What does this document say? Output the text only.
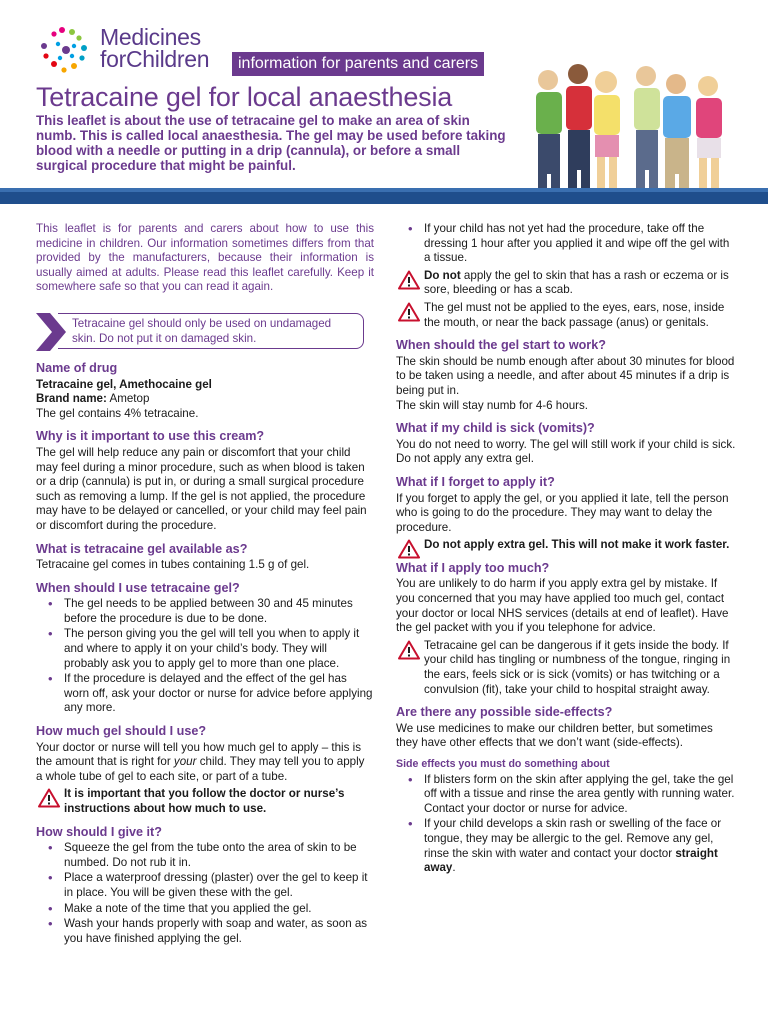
Medicines
forChildren	information for parents and carers
Tetracaine gel for local anaesthesia

This leaflet is about the use of tetracaine gel to make an area of skin numb. This is called local anaesthesia. The gel may be used before taking blood with a needle or putting in a drip (cannula), or before a small surgical procedure that might be painful.

This leaflet is for parents and carers about how to use this medicine in children. Our information sometimes differs from that provided by the manufacturers, because their information is usually aimed at adults. Please read this leaflet carefully. Keep it somewhere safe so that you can read it again.

Tetracaine gel should only be used on undamaged skin. Do not put it on damaged skin.
Name of drug

Tetracaine gel, Amethocaine gel

Brand name: Ametop

The gel contains 4% tetracaine.

Why is it important to use this cream?

The gel will help reduce any pain or discomfort that your child may feel during a minor procedure, such as when blood is taken or a drip (cannula) is put in, or during a small surgical procedure such as removing a lump. If the gel is not applied, the procedure may have to be delayed or cancelled, or your child may feel pain or discomfort during the procedure.

What is tetracaine gel available as?

Tetracaine gel comes in tubes containing 1.5 g of gel.

When should I use tetracaine gel?
• The gel needs to be applied between 30 and 45 minutes before the procedure is due to be done.
• The person giving you the gel will tell you when to apply it and where to apply it on your child’s body. They will probably ask you to apply gel to more than one place.
• If the procedure is delayed and the effect of the gel has worn off, ask your doctor or nurse for advice before applying any more.
How much gel should I use?

Your doctor or nurse will tell you how much gel to apply – this is the amount that is right for your child. They may tell you to apply a whole tube of gel to each site, or part of a tube.

It is important that you follow the doctor or nurse’s instructions about how much to use.
How should I give it?
• Squeeze the gel from the tube onto the area of skin to be numbed. Do not rub it in.
• Place a waterproof dressing (plaster) over the gel to keep it in place. You will be given these with the gel.
• Make a note of the time that you applied the gel.
• Wash your hands properly with soap and water, as soon as you have finished applying the gel.
• If your child has not yet had the procedure, take off the dressing 1 hour after you applied it and wipe off the gel with a tissue.
Do not apply the gel to skin that has a rash or eczema or is sore, bleeding or has a scab.
The gel must not be applied to the eyes, ears, nose, inside the mouth, or near the back passage (anus) or genitals.
When should the gel start to work?

The skin should be numb enough after about 30 minutes for blood to be taken using a needle, and after about 45 minutes if a drip is being put in.

The skin will stay numb for 4-6 hours.

What if my child is sick (vomits)?

You do not need to worry. The gel will still work if your child is sick. Do not apply any extra gel.

What if I forget to apply it?

If you forget to apply the gel, or you applied it late, tell the person who is going to do the procedure. They may want to delay the procedure.

Do not apply extra gel. This will not make it work faster.
What if I apply too much?

You are unlikely to do harm if you apply extra gel by mistake. If you concerned that you may have applied too much gel, contact your doctor or local NHS services (details at end of leaflet). Have the gel packet with you if you telephone for advice.

Tetracaine gel can be dangerous if it gets inside the body. If your child has tingling or numbness of the tongue, ringing in the ears, feels sick or is sick (vomits) or has twitching or a convulsion (fit), take your child to hospital straight away.
Are there any possible side-effects?

We use medicines to make our children better, but sometimes they have other effects that we don’t want (side-effects).

Side effects you must do something about
• If blisters form on the skin after applying the gel, take the gel off with a tissue and rinse the area gently with running water. Contact your doctor or nurse for advice.
• If your child develops a skin rash or swelling of the face or tongue, they may be allergic to the gel. Remove any gel, rinse the skin with water and contact your doctor straight away.
